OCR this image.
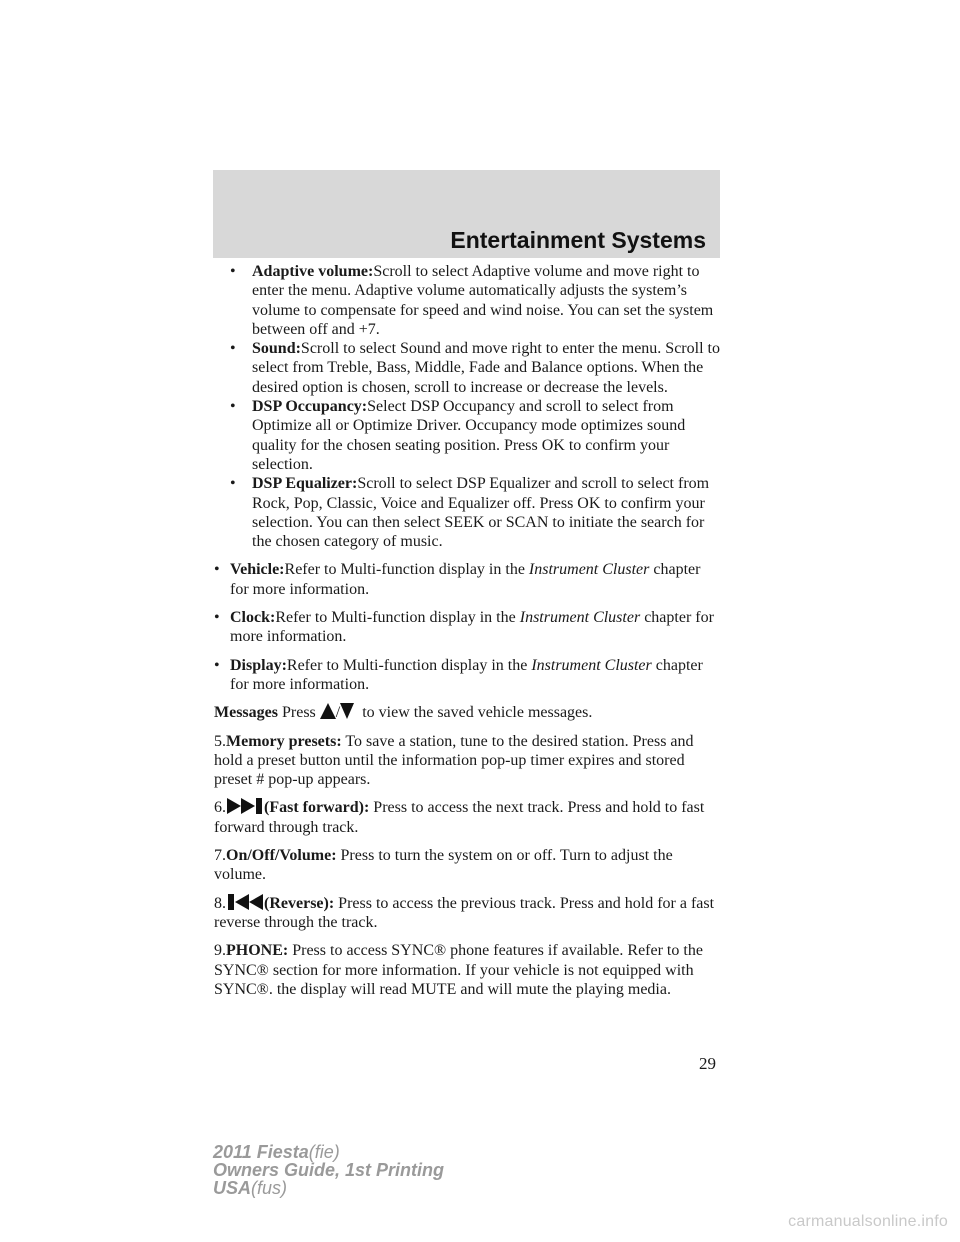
Entertainment Systems
• Adaptive volume:Scroll to select Adaptive volume and move right to enter the menu. Adaptive volume automatically adjusts the system’s volume to compensate for speed and wind noise. You can set the system between off and +7.
• Sound:Scroll to select Sound and move right to enter the menu. Scroll to select from Treble, Bass, Middle, Fade and Balance options. When the desired option is chosen, scroll to increase or decrease the levels.
• DSP Occupancy:Select DSP Occupancy and scroll to select from Optimize all or Optimize Driver. Occupancy mode optimizes sound quality for the chosen seating position. Press OK to confirm your selection.
• DSP Equalizer:Scroll to select DSP Equalizer and scroll to select from Rock, Pop, Classic, Voice and Equalizer off. Press OK to confirm your selection. You can then select SEEK or SCAN to initiate the search for the chosen category of music.
• Vehicle:Refer to Multi-function display in the Instrument Cluster chapter for more information.
• Clock:Refer to Multi-function display in the Instrument Cluster chapter for more information.
• Display:Refer to Multi-function display in the Instrument Cluster chapter for more information.

Messages Press / to view the saved vehicle messages.

5.Memory presets: To save a station, tune to the desired station. Press and hold a preset button until the information pop-up timer expires and stored preset # pop-up appears.

6. (Fast forward): Press to access the next track. Press and hold to fast forward through track.

7.On/Off/Volume: Press to turn the system on or off. Turn to adjust the volume.

8. (Reverse): Press to access the previous track. Press and hold for a fast reverse through the track.

9.PHONE: Press to access SYNC® phone features if available. Refer to the SYNC® section for more information. If your vehicle is not equipped with SYNC®. the display will read MUTE and will mute the playing media.

29
2011 Fiesta(fie)
Owners Guide, 1st Printing
USA(fus)
carmanualsonline.info
